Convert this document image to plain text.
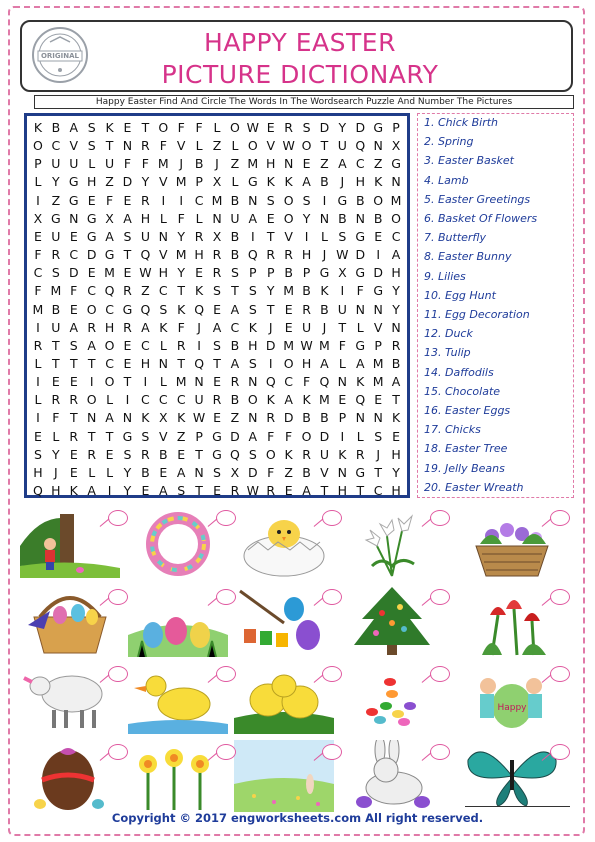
ORIGINAL	HAPPY EASTER
PICTURE DICTIONARY
Happy Easter Find And Circle The Words In The Wordsearch Puzzle And Number The Pictures
K B A S K E T O F F L O W E R S D Y D G P
O C V S T N R F V L Z L O V W O T U Q N X
P U U L U F F M J B J Z M H N E Z A C Z G
L Y G H Z D Y V M P X L G K K A B J H K N
I Z G E F E R I	I C M B N S O S I G B O M
X G N G X A H L F L N U A E O Y N B N B O
E U E G A S U N Y R X B I T V I	L S G E C
F R C D G T Q V M H R B Q R R H J W D I A
C S D E M E W H Y E R S P P B P G X G D H
F M F C Q R Z C T K S T S Y M B K I F G Y
M B E O C G Q S K Q E A S T E R B U N N Y
I U A R H R A K F J A C K J E U J T L V N
R T S A O E C L R I S B H D M W M F G P R
L T T T C E H N T Q T A S I O H A L A M B
I E E I O T I	L M N E R N Q C F Q N K M A
L R R O L	I C C C U R B O K A K M E Q E T
I F T N A N K X K W E Z N R D B B P N N K
E L R T T G S V Z P G D A F F O D I	L S E
S Y E R E S R B E T G Q S O K R U K R J H
H J E L L Y B E A N S X D F Z B V N G T Y
Q H K A I Y E A S T E R W R E A T H T C H
1. Chick Birth
2. Spring
3. Easter Basket
4. Lamb
5. Easter Greetings
6. Basket Of Flowers
7. Butterfly
8. Easter Bunny
9. Lilies
10. Egg Hunt
11. Egg Decoration
12. Duck
13. Tulip
14. Daffodils
15. Chocolate
16. Easter Eggs
17. Chicks
18. Easter Tree
19. Jelly Beans
20. Easter Wreath
Happy
Copyright © 2017 engworksheets.com All right reserved.
